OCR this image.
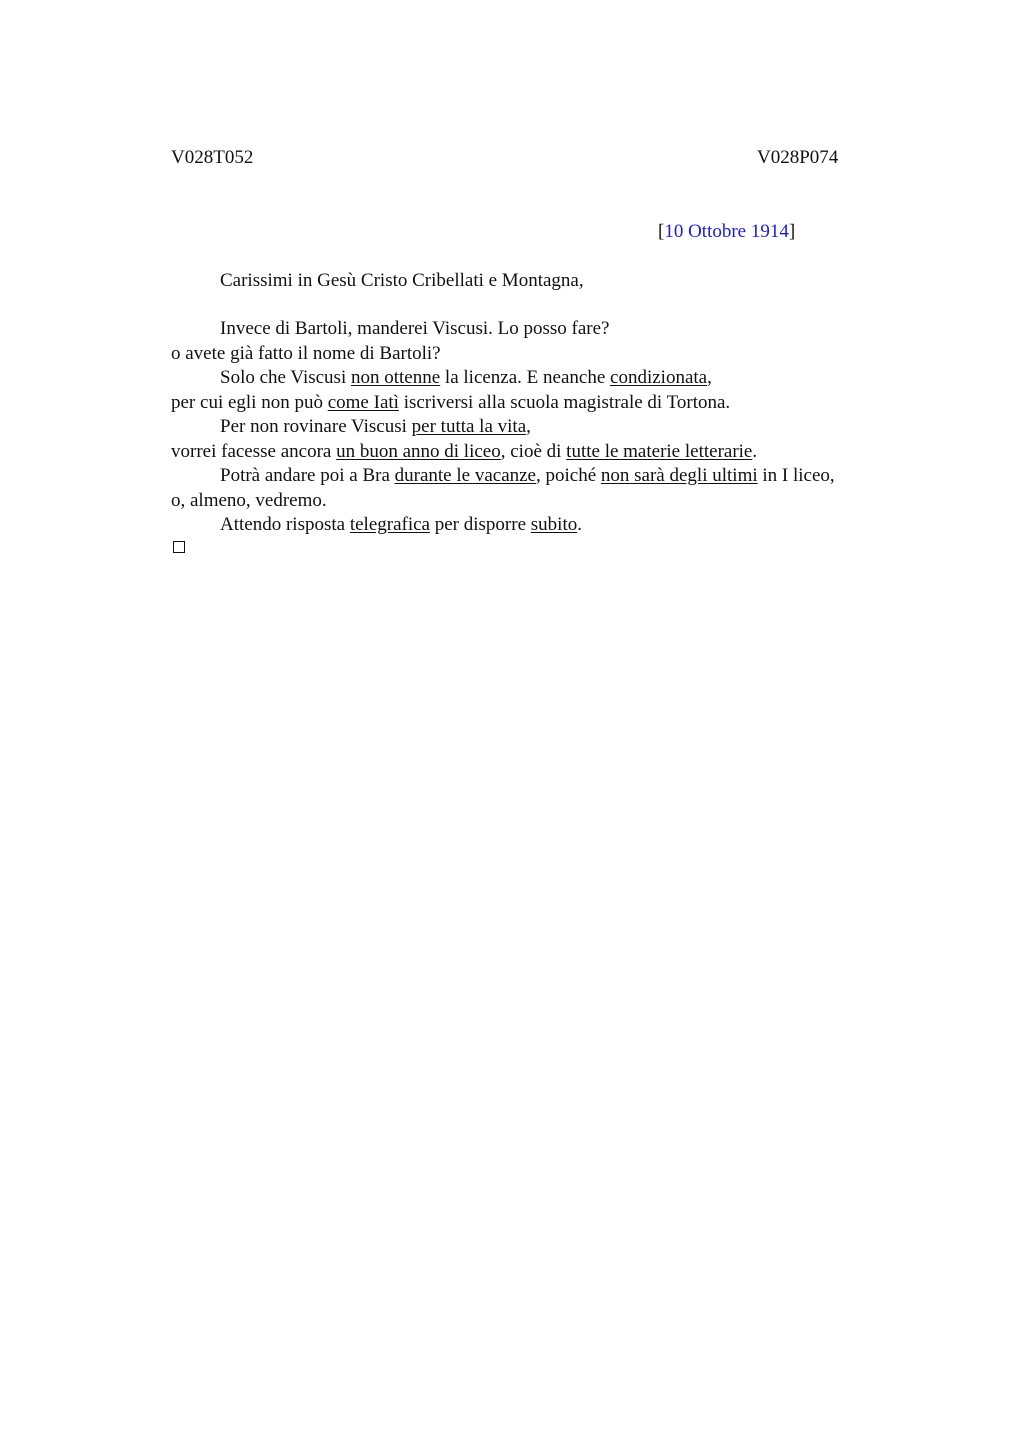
V028T052	V028P074
[10 Ottobre 1914]
Carissimi in Gesù Cristo Cribellati e Montagna,
Invece di Bartoli, manderei Viscusi. Lo posso fare?
o avete già fatto il nome di Bartoli?
Solo che Viscusi non ottenne la licenza. E neanche condizionata,
per cui egli non può come Iatì iscriversi alla scuola magistrale di Tortona.
Per non rovinare Viscusi per tutta la vita,
vorrei facesse ancora un buon anno di liceo, cioè di tutte le materie letterarie.
Potrà andare poi a Bra durante le vacanze, poiché non sarà degli ultimi in I liceo,
o, almeno, vedremo.
Attendo risposta telegrafica per disporre subito.
